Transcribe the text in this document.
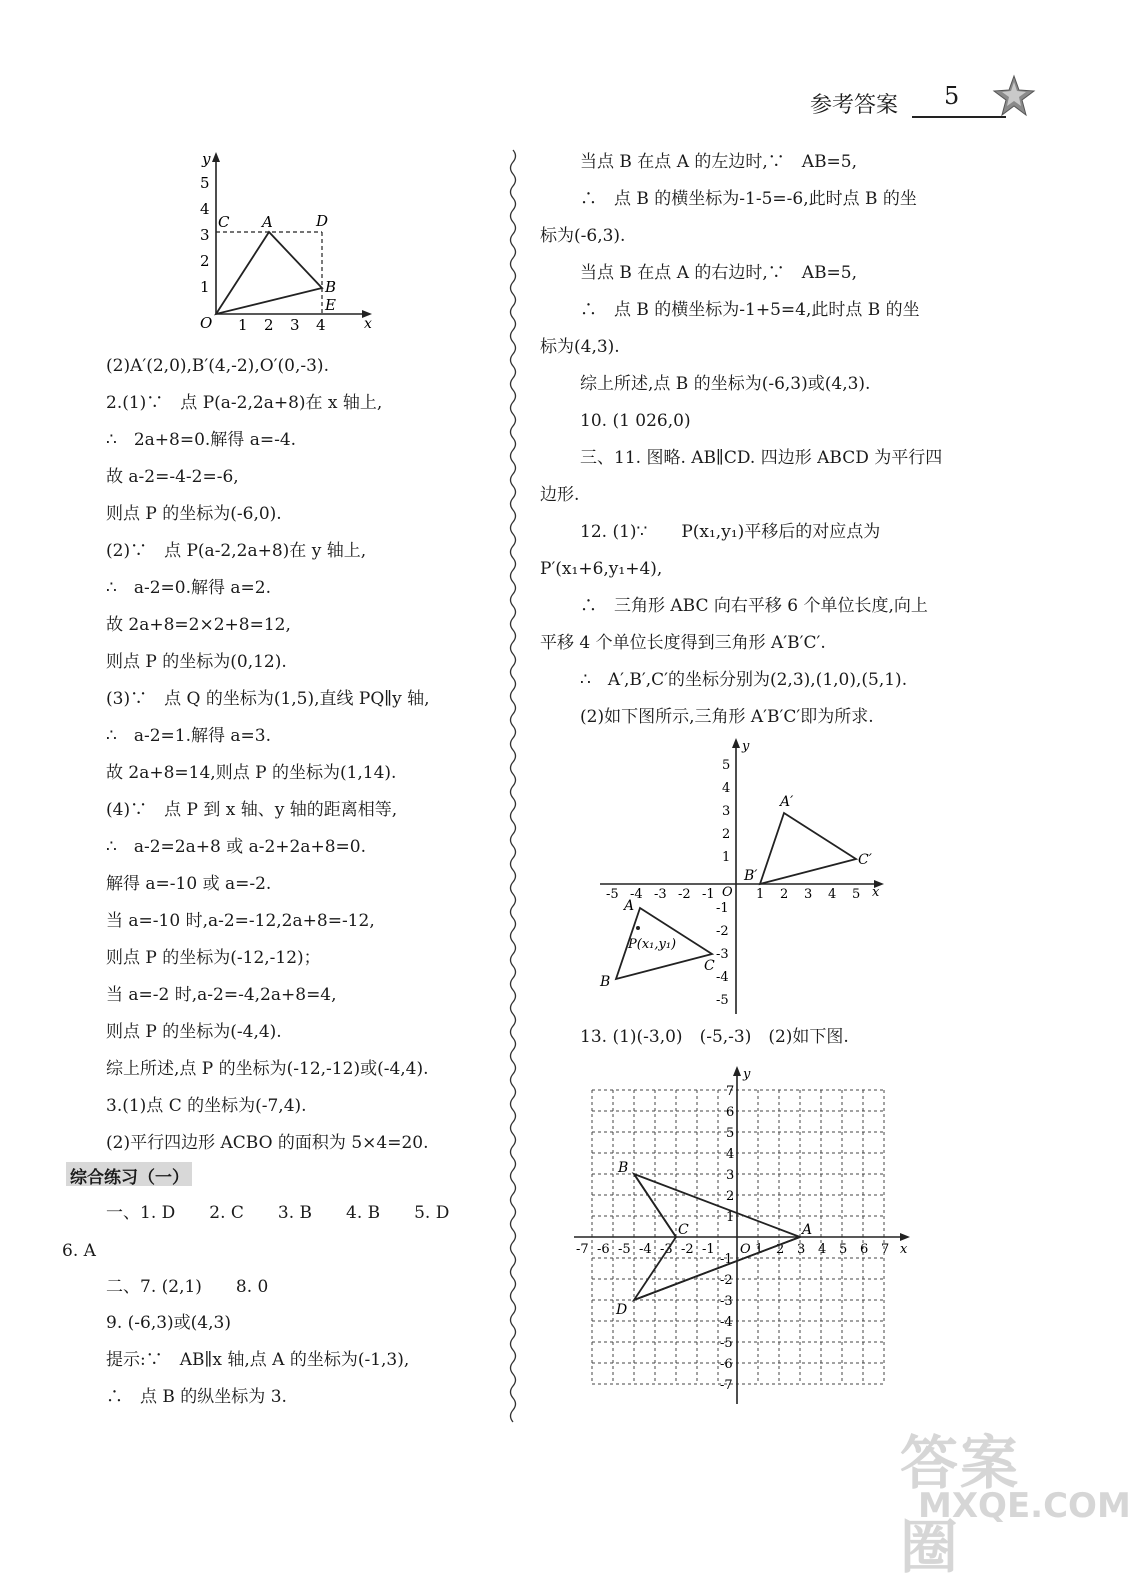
参考答案 5
y
x
O
1
2
3
4
5
1 2 3 4
C A	D
B
E
(2)A′(2,0),B′(4,-2),O′(0,-3).
2.(1)∵　点 P(a-2,2a+8)在 x 轴上,
∴　2a+8=0.解得 a=-4.
故 a-2=-4-2=-6,
则点 P 的坐标为(-6,0).
(2)∵　点 P(a-2,2a+8)在 y 轴上,
∴　a-2=0.解得 a=2.
故 2a+8=2×2+8=12,
则点 P 的坐标为(0,12).
(3)∵　点 Q 的坐标为(1,5),直线 PQ∥y 轴,
∴　a-2=1.解得 a=3.
故 2a+8=14,则点 P 的坐标为(1,14).
(4)∵　点 P 到 x 轴、y 轴的距离相等,
∴　a-2=2a+8 或 a-2+2a+8=0.
解得 a=-10 或 a=-2.
当 a=-10 时,a-2=-12,2a+8=-12,
则点 P 的坐标为(-12,-12)；
当 a=-2 时,a-2=-4,2a+8=4,
则点 P 的坐标为(-4,4).
综上所述,点 P 的坐标为(-12,-12)或(-4,4).
3.(1)点 C 的坐标为(-7,4).
(2)平行四边形 ACBO 的面积为 5×4=20.
综合练习（一）
一、1. D　　2. C　　3. B　　4. B　　5. D
6. A
二、7. (2,1)　　8. 0
9. (-6,3)或(4,3)
提示:∵　AB∥x 轴,点 A 的坐标为(-1,3),
∴　点 B 的纵坐标为 3.
当点 B 在点 A 的左边时,∵　AB=5,
∴　点 B 的横坐标为-1-5=-6,此时点 B 的坐
标为(-6,3).
当点 B 在点 A 的右边时,∵　AB=5,
∴　点 B 的横坐标为-1+5=4,此时点 B 的坐
标为(4,3).
综上所述,点 B 的坐标为(-6,3)或(4,3).
10. (1 026,0)
三、11. 图略. AB∥CD. 四边形 ABCD 为平行四
边形.
12. (1)∵　　P(x₁,y₁)平移后的对应点为
P′(x₁+6,y₁+4),
∴　三角形 ABC 向右平移 6 个单位长度,向上
平移 4 个单位长度得到三角形 A′B′C′.
∴　A′,B′,C′的坐标分别为(2,3),(1,0),(5,1).
(2)如下图所示,三角形 A′B′C′即为所求.
y
x
O
-5 -4 -3 -2 -1	1 2 3 4 5
5
4
3
2
1
-1
-2
-3
-4
-5
A′
B′
C′
A
B
C
P(x₁,y₁)
13. (1)(-3,0)　(-5,-3)　(2)如下图.
y
x
O
-7 -6 -5 -4 -3 -2 -1	1 2 3 4 5 6 7
7
6
5
4
3
2
1
-1
-2
-3
-4
-5
-6
-7
A
B
C
D
答案圈
MXQE.COM
